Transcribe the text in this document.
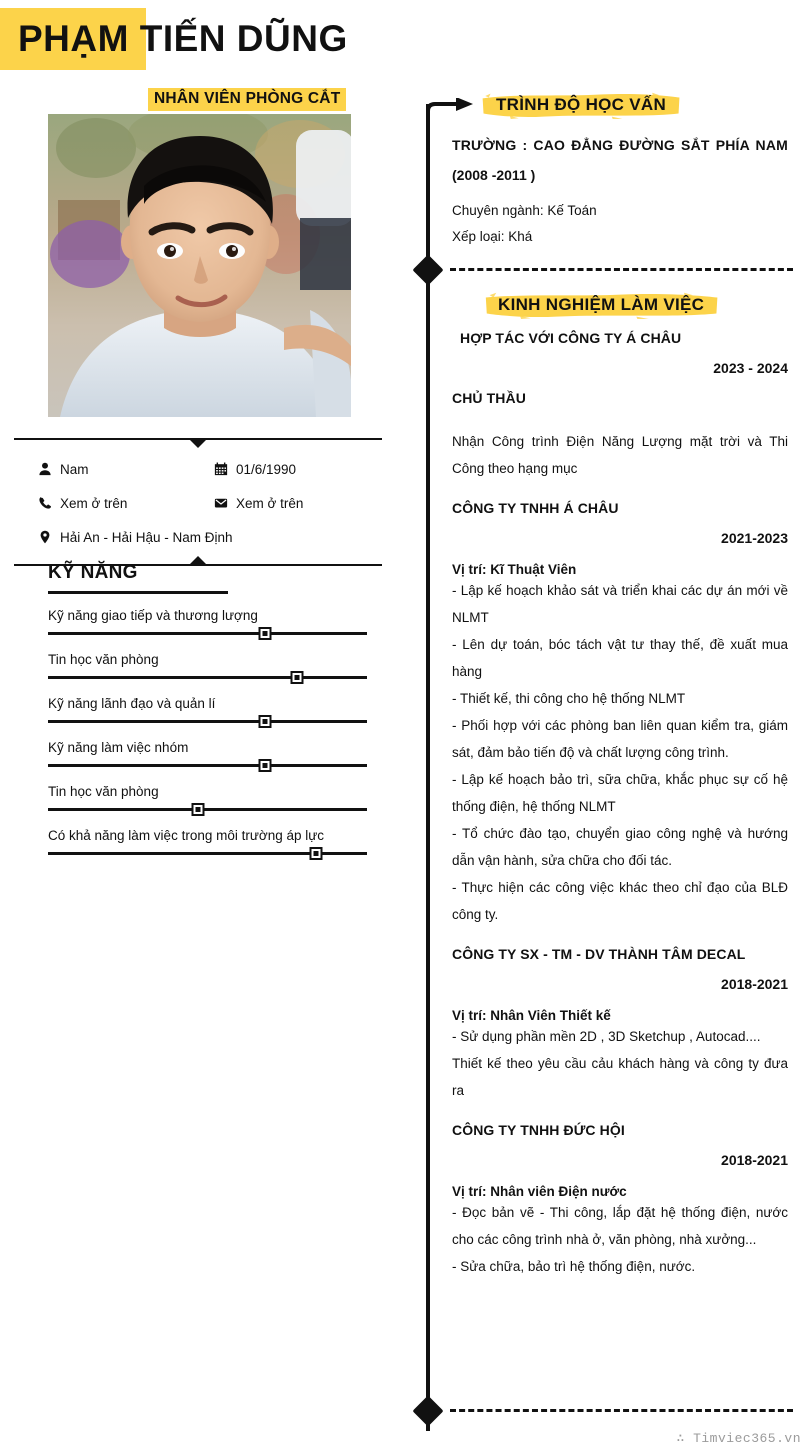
PHẠM TIẾN DŨNG
NHÂN VIÊN PHÒNG CẮT
Nam	01/6/1990
Xem ở trên	Xem ở trên
Hải An - Hải Hậu - Nam Định
KỸ NĂNG
Kỹ năng giao tiếp và thương lượng
Tin học văn phòng
Kỹ năng lãnh đạo và quản lí
Kỹ năng làm việc nhóm
Tin học văn phòng
Có khả năng làm việc trong môi trường áp lực
TRÌNH ĐỘ HỌC VẤN
TRƯỜNG : CAO ĐẲNG ĐƯỜNG SẮT PHÍA NAM
(2008 -2011 )
Chuyên ngành: Kế Toán
Xếp loại: Khá
KINH NGHIỆM LÀM VIỆC
HỢP TÁC VỚI CÔNG TY Á CHÂU
2023 - 2024
CHỦ THẦU
Nhận Công trình Điện Năng Lượng mặt trời và Thi Công theo hạng mục
CÔNG TY TNHH Á CHÂU
2021-2023
Vị trí: Kĩ Thuật Viên
- Lập kế hoạch khảo sát và triển khai các dự án mới về NLMT
- Lên dự toán, bóc tách vật tư thay thế, đề xuất mua hàng
- Thiết kế, thi công cho hệ thống NLMT
- Phối hợp với các phòng ban liên quan kiểm tra, giám sát, đảm bảo tiến độ và chất lượng công trình.
- Lập kế hoạch bảo trì, sữa chữa, khắc phục sự cố hệ thống điện, hệ thống NLMT
- Tổ chức đào tạo, chuyển giao công nghệ và hướng dẫn vận hành, sửa chữa cho đối tác.
- Thực hiện các công việc khác theo chỉ đạo của BLĐ công ty.
CÔNG TY SX - TM - DV THÀNH TÂM DECAL
2018-2021
Vị trí: Nhân Viên Thiết kế
- Sử dụng phần mền 2D , 3D Sketchup , Autocad....
Thiết kế theo yêu cầu cảu khách hàng và công ty đưa ra
CÔNG TY TNHH ĐỨC HỘI
2018-2021
Vị trí: Nhân viên Điện nước
- Đọc bản vẽ - Thi công, lắp đặt hệ thống điện, nước cho các công trình nhà ở, văn phòng, nhà xưởng...
- Sửa chữa, bảo trì hệ thống điện, nước.
∴ Timviec365.vn
